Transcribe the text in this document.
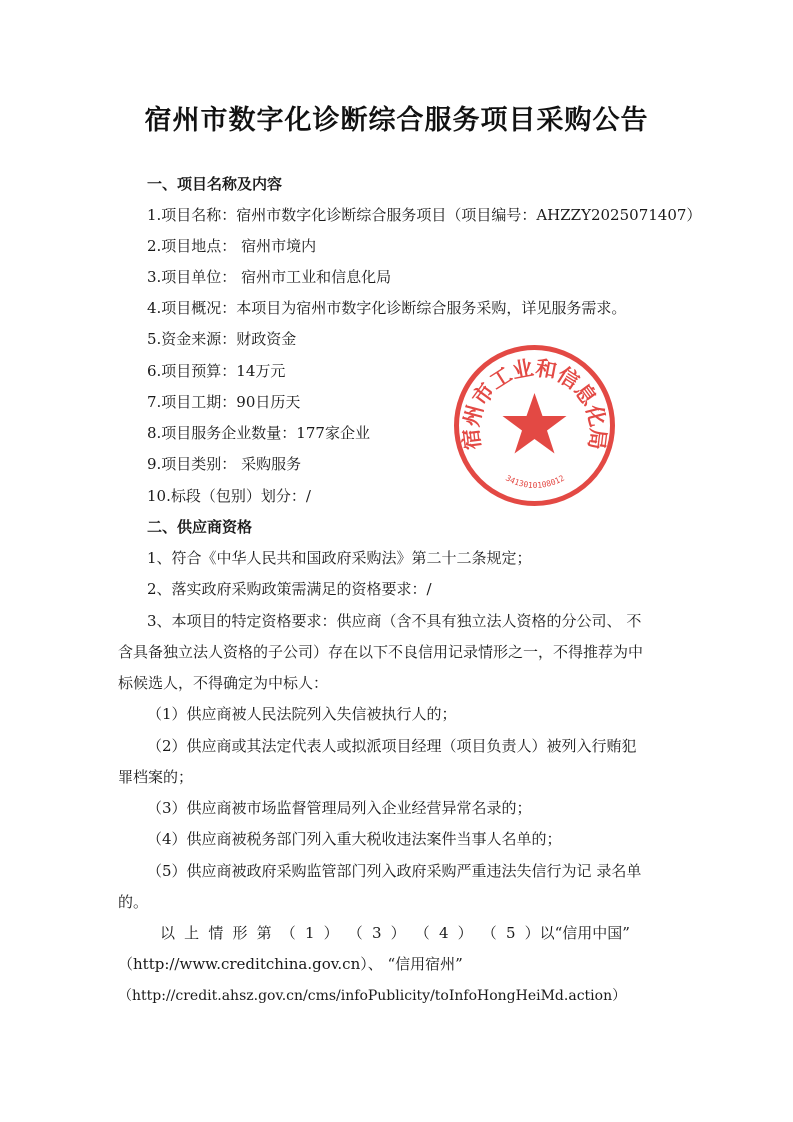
宿州市数字化诊断综合服务项目采购公告
一、项目名称及内容
1.项目名称：宿州市数字化诊断综合服务项目（项目编号：AHZZY2025071407）
2.项目地点： 宿州市境内
3.项目单位： 宿州市工业和信息化局
4.项目概况：本项目为宿州市数字化诊断综合服务采购，详见服务需求。
5.资金来源：财政资金
6.项目预算：14万元
7.项目工期：90日历天
8.项目服务企业数量：177家企业
9.项目类别： 采购服务
10.标段（包别）划分：/
二、供应商资格
1、符合《中华人民共和国政府采购法》第二十二条规定；
2、落实政府采购政策需满足的资格要求：/
3、本项目的特定资格要求：供应商（含不具有独立法人资格的分公司、 不
含具备独立法人资格的子公司）存在以下不良信用记录情形之一，不得推荐为中
标候选人，不得确定为中标人：
（1）供应商被人民法院列入失信被执行人的；
（2）供应商或其法定代表人或拟派项目经理（项目负责人）被列入行贿犯
罪档案的；
（3）供应商被市场监督管理局列入企业经营异常名录的；
（4）供应商被税务部门列入重大税收违法案件当事人名单的；
（5）供应商被政府采购监管部门列入政府采购严重违法失信行为记 录名单
的。
以 上 情 形 第 （ 1 ） （ 3 ） （ 4 ） （ 5 ）以“信用中国”
（http://www.creditchina.gov.cn）、 “信用宿州”
（http://credit.ahsz.gov.cn/cms/infoPublicity/toInfoHongHeiMd.action）
宿州市工业和信息化局
3413010108012
